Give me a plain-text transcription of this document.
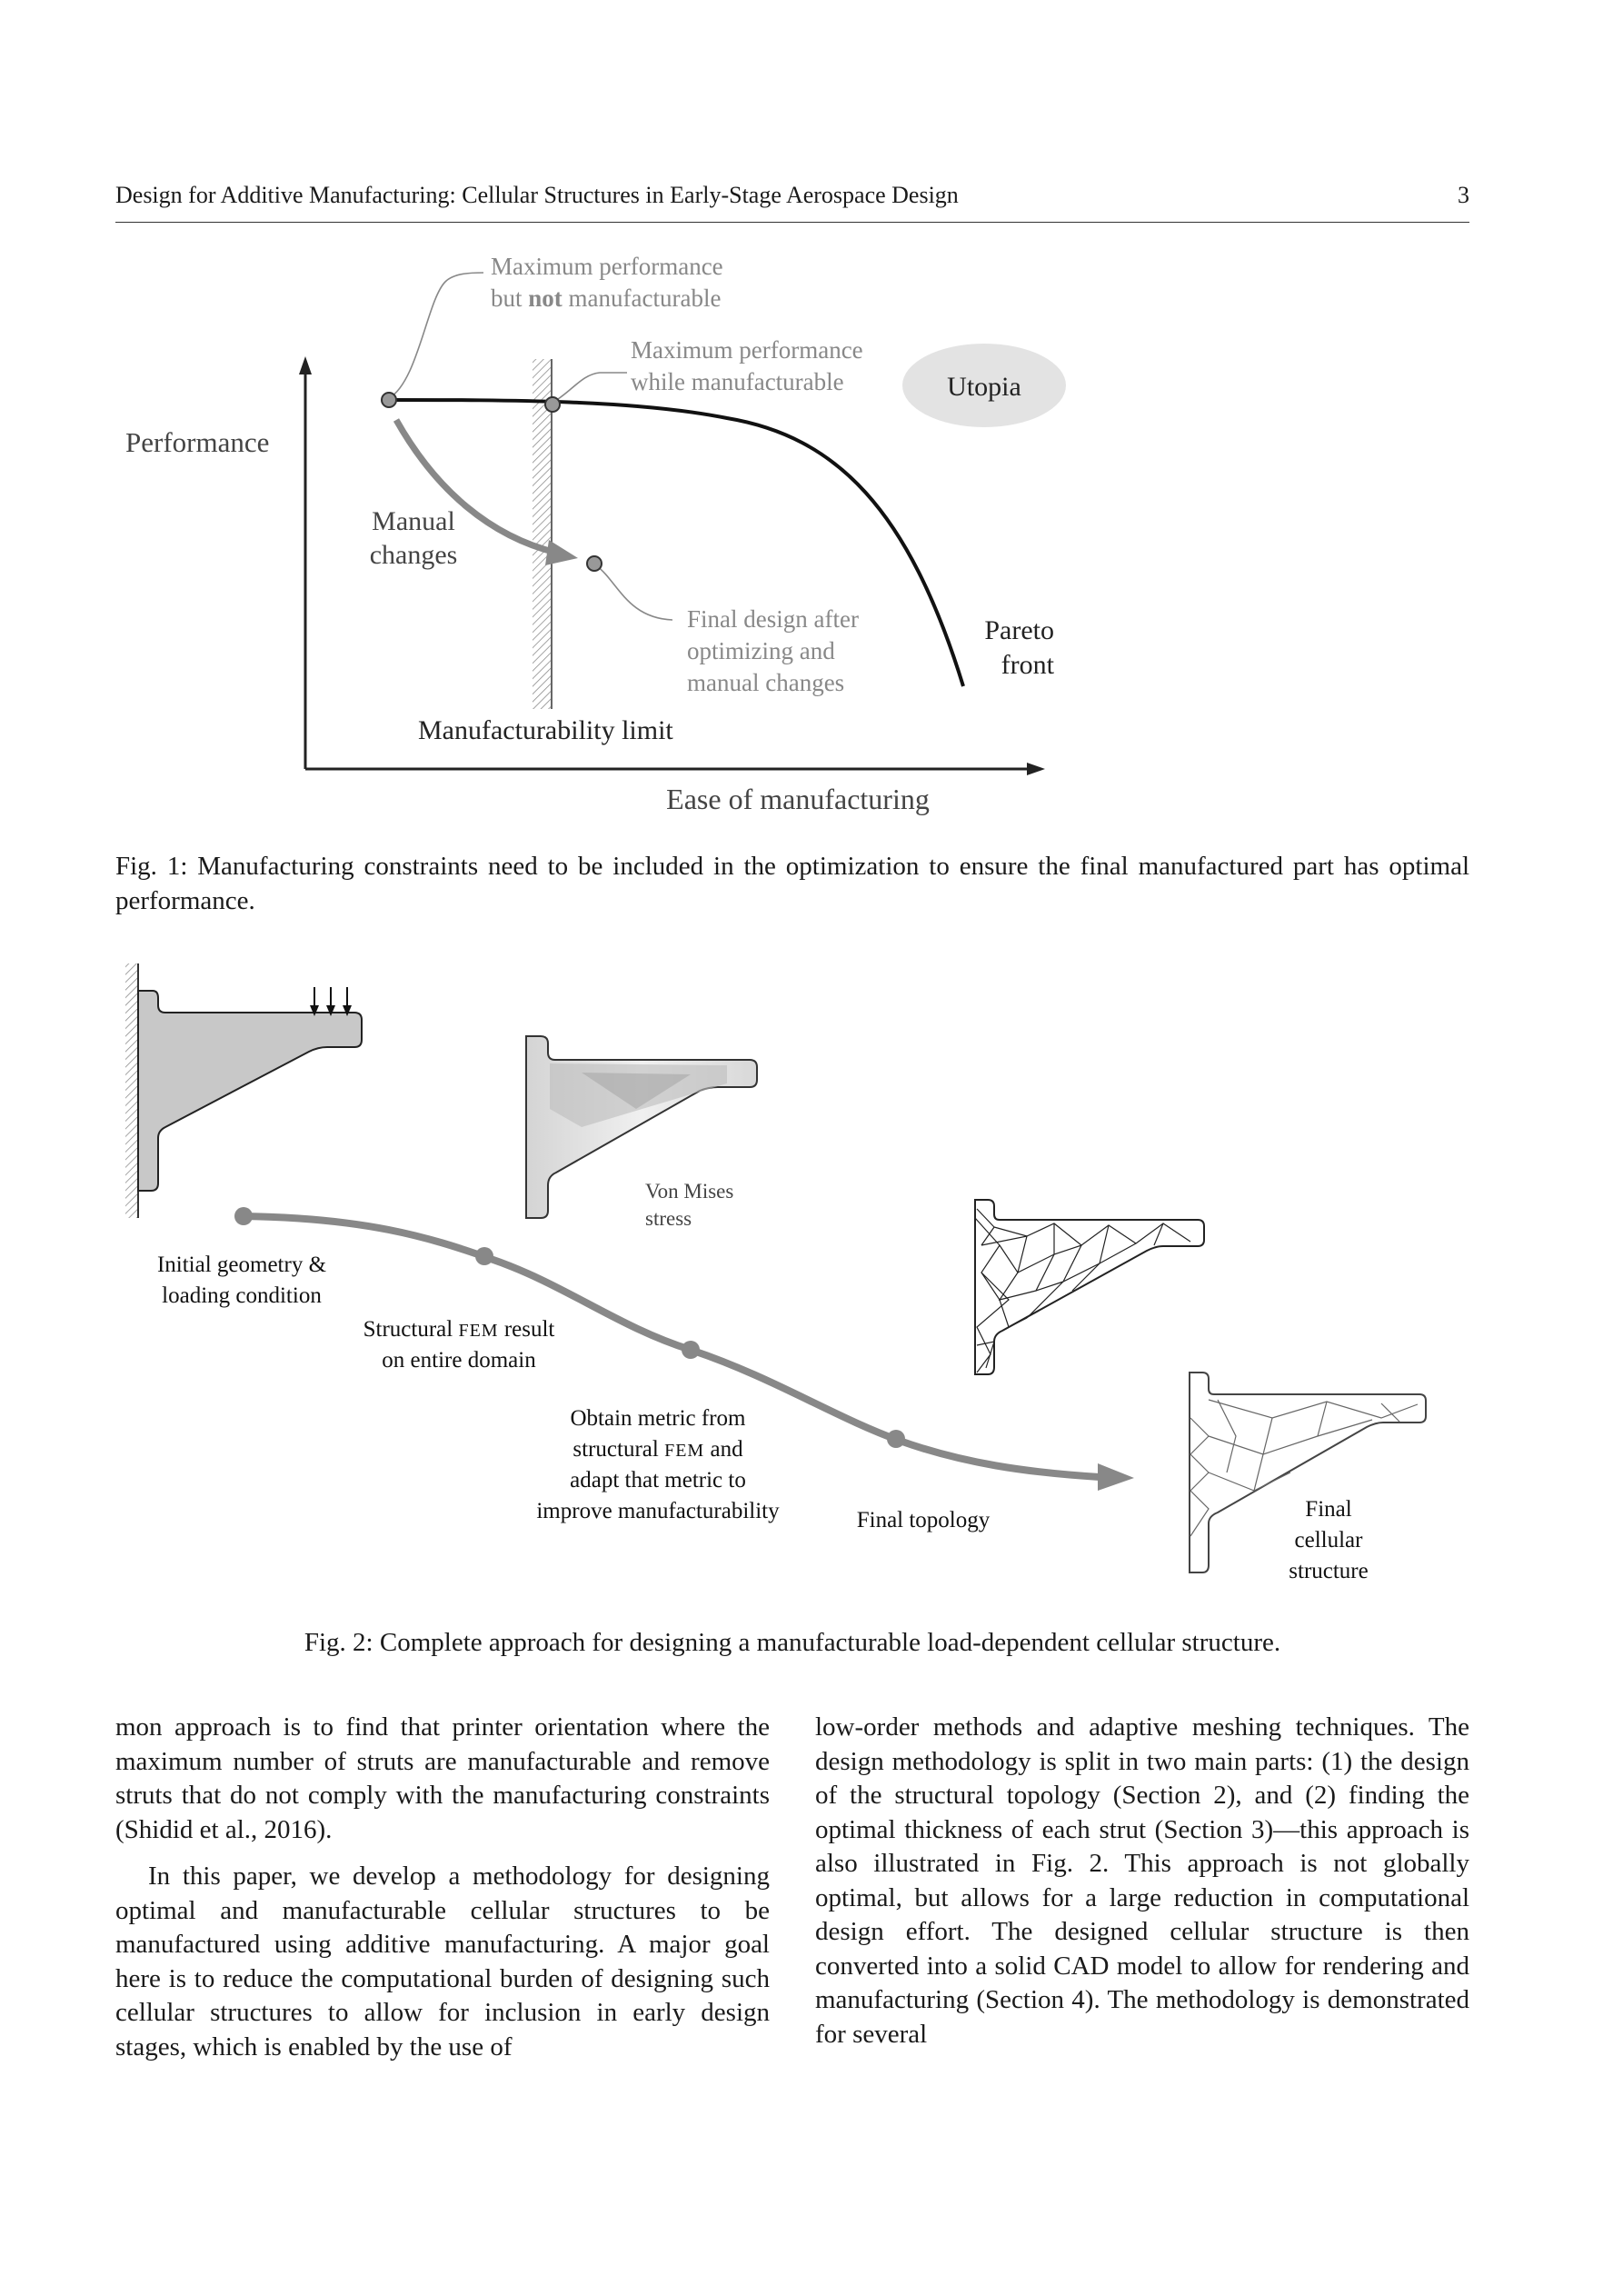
Design for Additive Manufacturing: Cellular Structures in Early-Stage Aerospace Design	3
Utopia
Performance
Ease of manufacturing
Maximum performance
but not manufacturable
Maximum performance
while manufacturable
Manual
changes
Final design after
optimizing and
manual changes
Pareto
front
Manufacturability limit
Fig. 1: Manufacturing constraints need to be included in the optimization to ensure the final manufactured part has optimal performance.
Von Mises
stress
Initial geometry &
loading condition
Structural FEM result
on entire domain
Obtain metric from
structural FEM and
adapt that metric to
improve manufacturability	Final topology	Final
cellular
structure
Fig. 2: Complete approach for designing a manufacturable load-dependent cellular structure.

mon approach is to find that printer orientation where the maximum number of struts are manufacturable and remove struts that do not comply with the manufacturing constraints (Shidid et al., 2016).

In this paper, we develop a methodology for designing optimal and manufacturable cellular structures to be manufactured using additive manufacturing. A major goal here is to reduce the computational burden of designing such cellular structures to allow for inclusion in early design stages, which is enabled by the use of

low-order methods and adaptive meshing techniques. The design methodology is split in two main parts: (1) the design of the structural topology (Section 2), and (2) finding the optimal thickness of each strut (Section 3)—this approach is also illustrated in Fig. 2. This approach is not globally optimal, but allows for a large reduction in computational design effort. The designed cellular structure is then converted into a solid CAD model to allow for rendering and manufacturing (Section 4). The methodology is demonstrated for several
